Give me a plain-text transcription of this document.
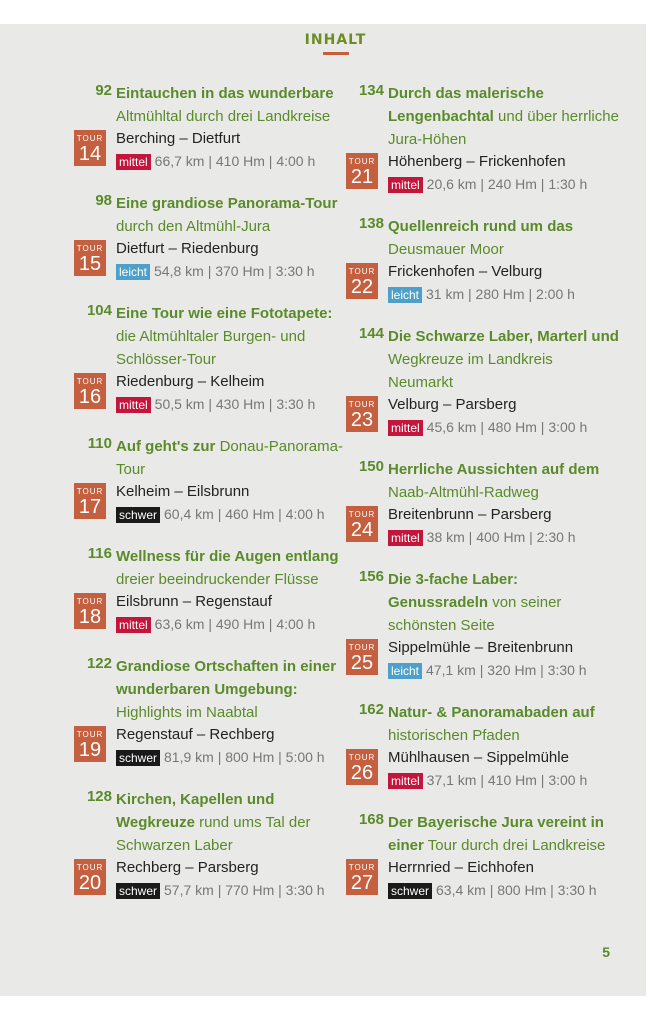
INHALT
92 Eintauchen in das wunderbare Altmühltal durch drei Landkreise
TOUR
14
Berching – Dietfurt
mittel 66,7 km | 410 Hm | 4:00 h
98 Eine grandiose Panorama-Tour durch den Altmühl-Jura
TOUR
15
Dietfurt – Riedenburg
leicht 54,8 km | 370 Hm | 3:30 h
104 Eine Tour wie eine Fototapete: die Altmühltaler Burgen- und Schlösser-Tour
TOUR
16
Riedenburg – Kelheim
mittel 50,5 km | 430 Hm | 3:30 h
110 Auf geht's zur Donau-Panorama-Tour
TOUR
17
Kelheim – Eilsbrunn
schwer 60,4 km | 460 Hm | 4:00 h
116 Wellness für die Augen entlang dreier beeindruckender Flüsse
TOUR
18
Eilsbrunn – Regenstauf
mittel 63,6 km | 490 Hm | 4:00 h
122 Grandiose Ortschaften in einer wunderbaren Umgebung: Highlights im Naabtal
TOUR
19
Regenstauf – Rechberg
schwer 81,9 km | 800 Hm | 5:00 h
128 Kirchen, Kapellen und Wegkreuze rund ums Tal der Schwarzen Laber
TOUR
20
Rechberg – Parsberg
schwer 57,7 km | 770 Hm | 3:30 h
134 Durch das malerische Lengenbachtal und über herrliche Jura-Höhen
TOUR
21
Höhenberg – Frickenhofen
mittel 20,6 km | 240 Hm | 1:30 h
138 Quellenreich rund um das Deusmauer Moor
TOUR
22
Frickenhofen – Velburg
leicht 31 km | 280 Hm | 2:00 h
144 Die Schwarze Laber, Marterl und Wegkreuze im Landkreis Neumarkt
TOUR
23
Velburg – Parsberg
mittel 45,6 km | 480 Hm | 3:00 h
150 Herrliche Aussichten auf dem Naab-Altmühl-Radweg
TOUR
24
Breitenbrunn – Parsberg
mittel 38 km | 400 Hm | 2:30 h
156 Die 3-fache Laber: Genussradeln von seiner schönsten Seite
TOUR
25
Sippelmühle – Breitenbrunn
leicht 47,1 km | 320 Hm | 3:30 h
162 Natur- & Panoramabaden auf historischen Pfaden
TOUR
26
Mühlhausen – Sippelmühle
mittel 37,1 km | 410 Hm | 3:00 h
168 Der Bayerische Jura vereint in einer Tour durch drei Landkreise
TOUR
27
Herrnried – Eichhofen
schwer 63,4 km | 800 Hm | 3:30 h
5
